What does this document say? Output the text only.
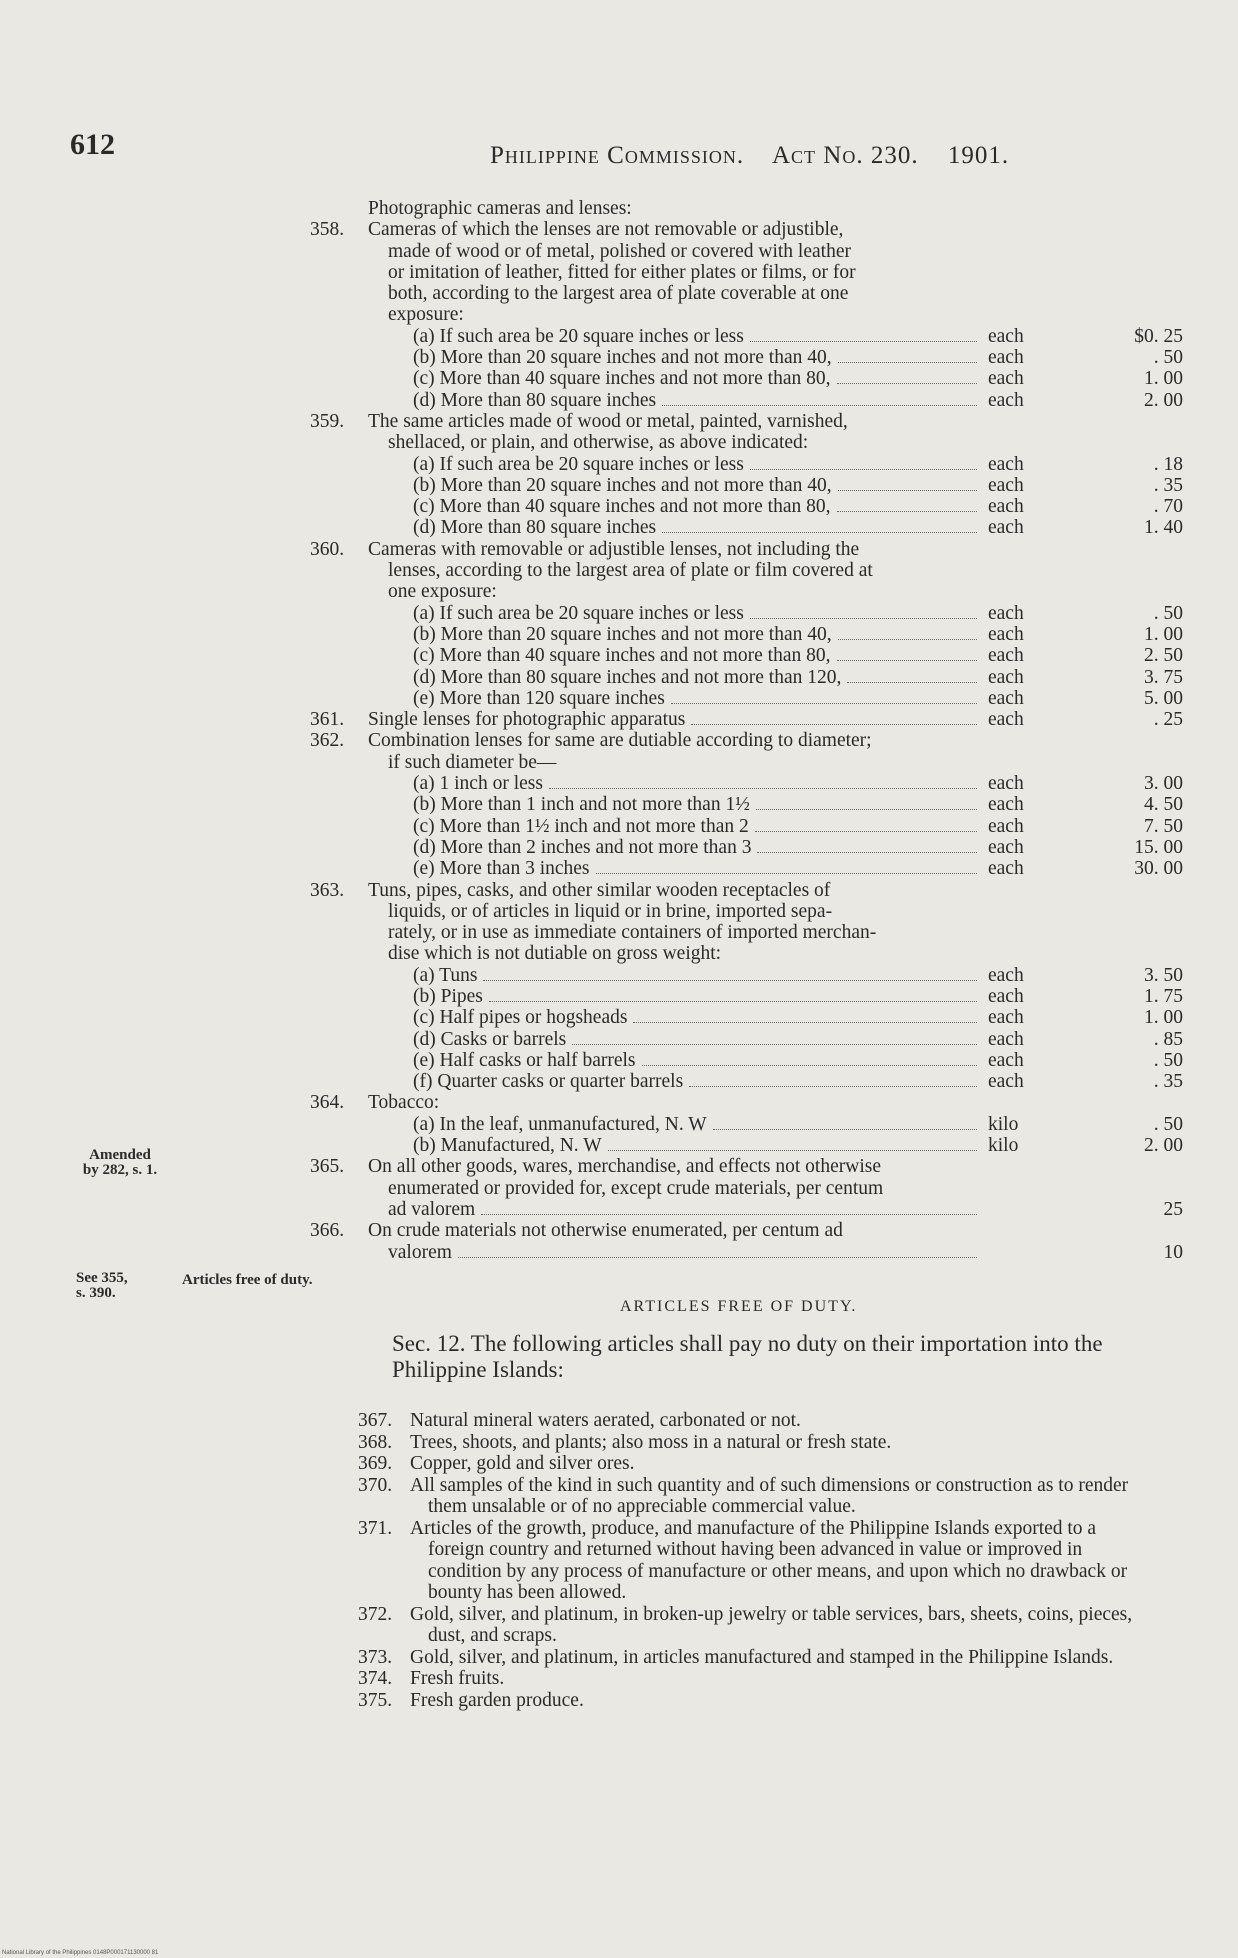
612	Philippine Commission. Act No. 230. 1901.
Amended
by 282, s. 1.
See 355,
s. 390.
Articles free of duty.
Photographic cameras and lenses:
358. Cameras of which the lenses are not removable or adjustible,
made of wood or of metal, polished or covered with leather
or imitation of leather, fitted for either plates or films, or for
both, according to the largest area of plate coverable at one
exposure:
(a) If such area be 20 square inches or less	each	$0. 25
(b) More than 20 square inches and not more than 40,	each	. 50
(c) More than 40 square inches and not more than 80,	each	1. 00
(d) More than 80 square inches	each	2. 00
359. The same articles made of wood or metal, painted, varnished,
shellaced, or plain, and otherwise, as above indicated:
(a) If such area be 20 square inches or less	each	. 18
(b) More than 20 square inches and not more than 40,	each	. 35
(c) More than 40 square inches and not more than 80,	each	. 70
(d) More than 80 square inches	each	1. 40
360. Cameras with removable or adjustible lenses, not including the
lenses, according to the largest area of plate or film covered at
one exposure:
(a) If such area be 20 square inches or less	each	. 50
(b) More than 20 square inches and not more than 40,	each	1. 00
(c) More than 40 square inches and not more than 80,	each	2. 50
(d) More than 80 square inches and not more than 120,	each	3. 75
(e) More than 120 square inches	each	5. 00
361. Single lenses for photographic apparatus	each	. 25
362. Combination lenses for same are dutiable according to diameter;
if such diameter be—
(a) 1 inch or less	each	3. 00
(b) More than 1 inch and not more than 1½	each	4. 50
(c) More than 1½ inch and not more than 2	each	7. 50
(d) More than 2 inches and not more than 3	each	15. 00
(e) More than 3 inches	each	30. 00
363. Tuns, pipes, casks, and other similar wooden receptacles of
liquids, or of articles in liquid or in brine, imported sepa-
rately, or in use as immediate containers of imported merchan-
dise which is not dutiable on gross weight:
(a) Tuns	each	3. 50
(b) Pipes	each	1. 75
(c) Half pipes or hogsheads	each	1. 00
(d) Casks or barrels	each	. 85
(e) Half casks or half barrels	each	. 50
(f) Quarter casks or quarter barrels	each	. 35
364. Tobacco:
(a) In the leaf, unmanufactured, N. W	kilo	. 50
(b) Manufactured, N. W	kilo	2. 00
365. On all other goods, wares, merchandise, and effects not otherwise
enumerated or provided for, except crude materials, per centum
ad valorem	25
366. On crude materials not otherwise enumerated, per centum ad
valorem	10
ARTICLES FREE OF DUTY.
Sec. 12. The following articles shall pay no duty on their importation into the Philippine Islands:
367. Natural mineral waters aerated, carbonated or not.

368. Trees, shoots, and plants; also moss in a natural or fresh state.

369. Copper, gold and silver ores.

370. All samples of the kind in such quantity and of such dimensions or construction as to render them unsalable or of no appreciable commercial value.

371. Articles of the growth, produce, and manufacture of the Philippine Islands exported to a foreign country and returned without having been advanced in value or improved in condition by any process of manufacture or other means, and upon which no drawback or bounty has been allowed.

372. Gold, silver, and platinum, in broken-up jewelry or table services, bars, sheets, coins, pieces, dust, and scraps.

373. Gold, silver, and platinum, in articles manufactured and stamped in the Philippine Islands.

374. Fresh fruits.

375. Fresh garden produce.

National Library of the Philippines 0148P000171130000 81
